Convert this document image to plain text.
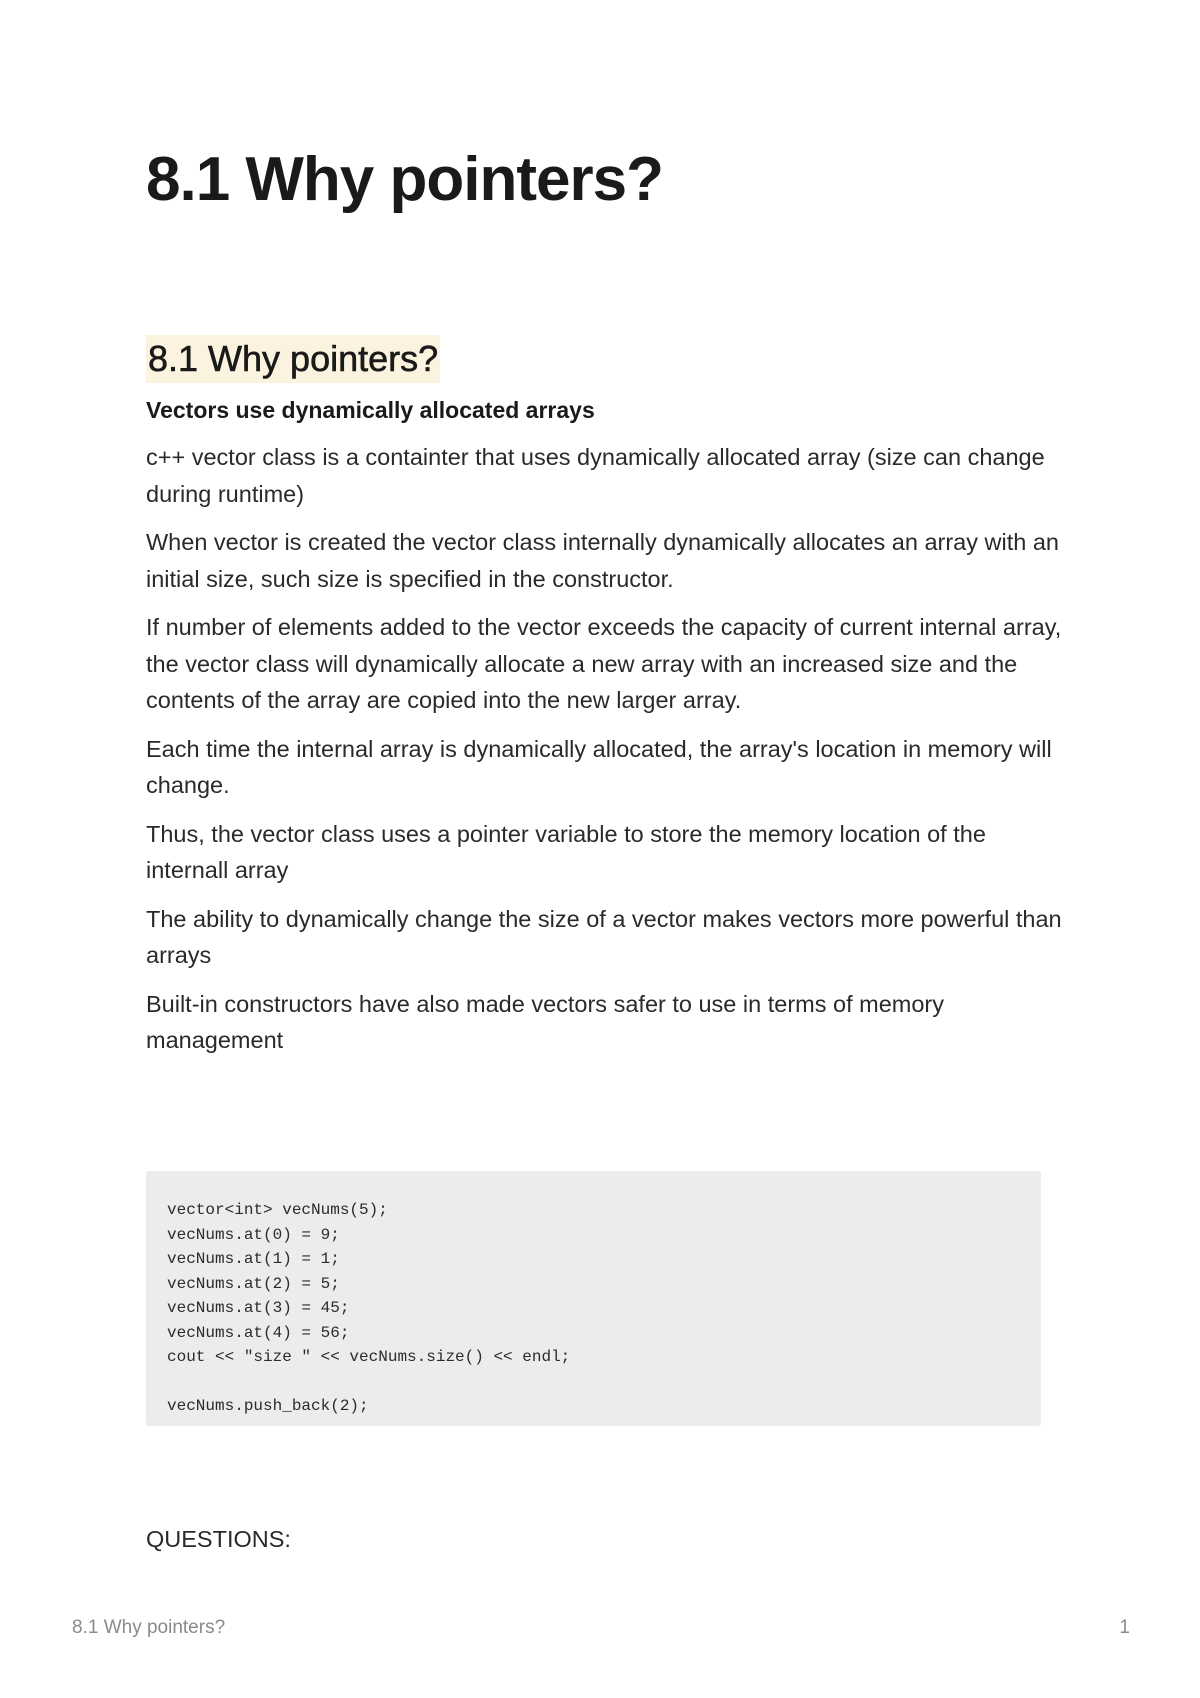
8.1 Why pointers?
8.1 Why pointers?

Vectors use dynamically allocated arrays

c++ vector class is a containter that uses dynamically allocated array (size can change during runtime)

When vector is created the vector class internally dynamically allocates an array with an initial size, such size is specified in the constructor.

If number of elements added to the vector exceeds the capacity of current internal array, the vector class will dynamically allocate a new array with an increased size and the contents of the array are copied into the new larger array.

Each time the internal array is dynamically allocated, the array's location in memory will change.

Thus, the vector class uses a pointer variable to store the memory location of the internall array

The ability to dynamically change the size of a vector makes vectors more powerful than arrays

Built-in constructors have also made vectors safer to use in terms of memory management

vector<int> vecNums(5);
vecNums.at(0) = 9;
vecNums.at(1) = 1;
vecNums.at(2) = 5;
vecNums.at(3) = 45;
vecNums.at(4) = 56;
cout << "size " << vecNums.size() << endl;
vecNums.push_back(2);

QUESTIONS:

8.1 Why pointers?	1
